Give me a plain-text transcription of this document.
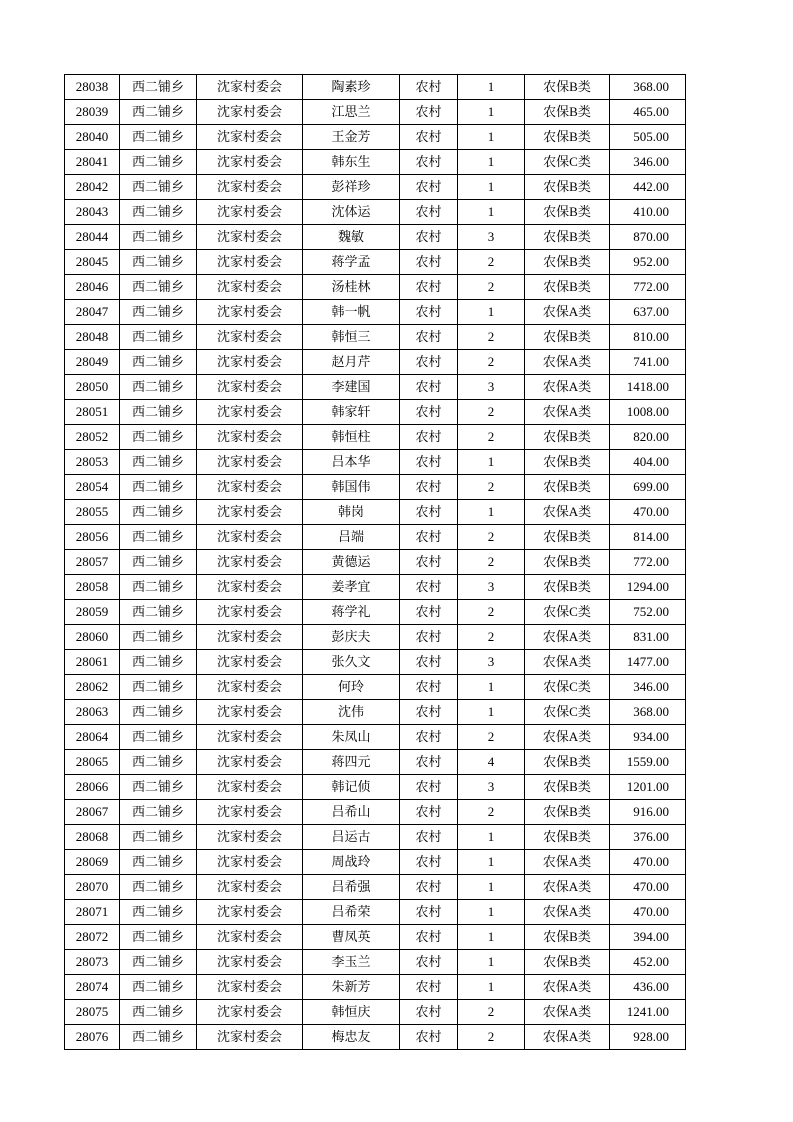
28038	西二铺乡	沈家村委会	陶素珍	农村	1	农保B类	368.00
28039	西二铺乡	沈家村委会	江思兰	农村	1	农保B类	465.00
28040	西二铺乡	沈家村委会	王金芳	农村	1	农保B类	505.00
28041	西二铺乡	沈家村委会	韩东生	农村	1	农保C类	346.00
28042	西二铺乡	沈家村委会	彭祥珍	农村	1	农保B类	442.00
28043	西二铺乡	沈家村委会	沈体运	农村	1	农保B类	410.00
28044	西二铺乡	沈家村委会	魏敏	农村	3	农保B类	870.00
28045	西二铺乡	沈家村委会	蒋学孟	农村	2	农保B类	952.00
28046	西二铺乡	沈家村委会	汤桂林	农村	2	农保B类	772.00
28047	西二铺乡	沈家村委会	韩一帆	农村	1	农保A类	637.00
28048	西二铺乡	沈家村委会	韩恒三	农村	2	农保B类	810.00
28049	西二铺乡	沈家村委会	赵月芹	农村	2	农保A类	741.00
28050	西二铺乡	沈家村委会	李建国	农村	3	农保A类	1418.00
28051	西二铺乡	沈家村委会	韩家轩	农村	2	农保A类	1008.00
28052	西二铺乡	沈家村委会	韩恒柱	农村	2	农保B类	820.00
28053	西二铺乡	沈家村委会	吕本华	农村	1	农保B类	404.00
28054	西二铺乡	沈家村委会	韩国伟	农村	2	农保B类	699.00
28055	西二铺乡	沈家村委会	韩岗	农村	1	农保A类	470.00
28056	西二铺乡	沈家村委会	吕端	农村	2	农保B类	814.00
28057	西二铺乡	沈家村委会	黄德运	农村	2	农保B类	772.00
28058	西二铺乡	沈家村委会	姜孝宜	农村	3	农保B类	1294.00
28059	西二铺乡	沈家村委会	蒋学礼	农村	2	农保C类	752.00
28060	西二铺乡	沈家村委会	彭庆夫	农村	2	农保A类	831.00
28061	西二铺乡	沈家村委会	张久文	农村	3	农保A类	1477.00
28062	西二铺乡	沈家村委会	何玲	农村	1	农保C类	346.00
28063	西二铺乡	沈家村委会	沈伟	农村	1	农保C类	368.00
28064	西二铺乡	沈家村委会	朱凤山	农村	2	农保A类	934.00
28065	西二铺乡	沈家村委会	蒋四元	农村	4	农保B类	1559.00
28066	西二铺乡	沈家村委会	韩记侦	农村	3	农保B类	1201.00
28067	西二铺乡	沈家村委会	吕希山	农村	2	农保B类	916.00
28068	西二铺乡	沈家村委会	吕运古	农村	1	农保B类	376.00
28069	西二铺乡	沈家村委会	周战玲	农村	1	农保A类	470.00
28070	西二铺乡	沈家村委会	吕希强	农村	1	农保A类	470.00
28071	西二铺乡	沈家村委会	吕希荣	农村	1	农保A类	470.00
28072	西二铺乡	沈家村委会	曹凤英	农村	1	农保B类	394.00
28073	西二铺乡	沈家村委会	李玉兰	农村	1	农保B类	452.00
28074	西二铺乡	沈家村委会	朱新芳	农村	1	农保A类	436.00
28075	西二铺乡	沈家村委会	韩恒庆	农村	2	农保A类	1241.00
28076	西二铺乡	沈家村委会	梅忠友	农村	2	农保A类	928.00
